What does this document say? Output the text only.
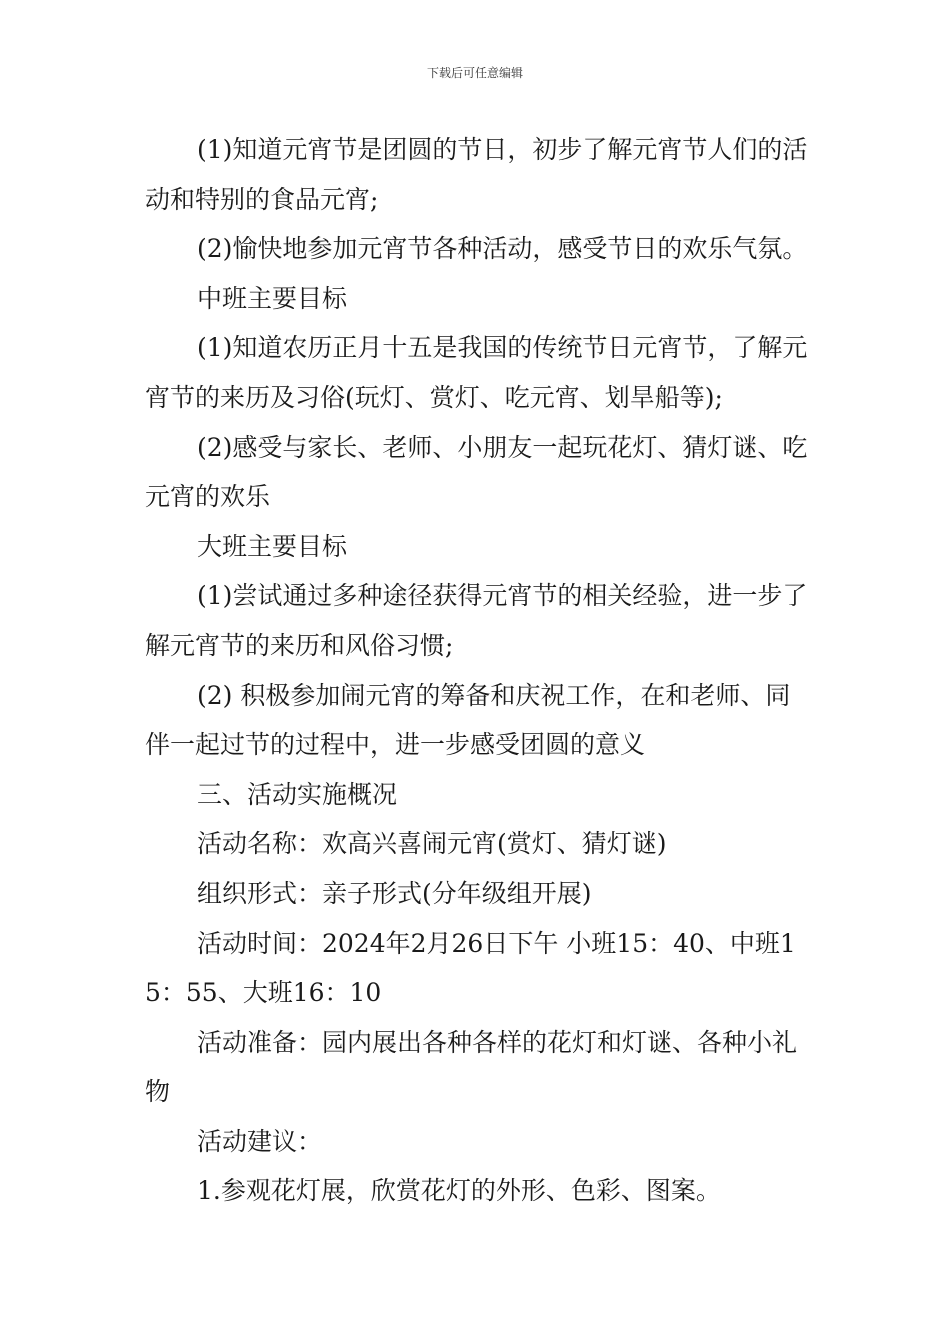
下载后可任意编辑

(1)知道元宵节是团圆的节日，初步了解元宵节人们的活动和特别的食品元宵;

(2)愉快地参加元宵节各种活动，感受节日的欢乐气氛。

中班主要目标

(1)知道农历正月十五是我国的传统节日元宵节，了解元宵节的来历及习俗(玩灯、赏灯、吃元宵、划旱船等);

(2)感受与家长、老师、小朋友一起玩花灯、猜灯谜、吃元宵的欢乐

大班主要目标

(1)尝试通过多种途径获得元宵节的相关经验，进一步了解元宵节的来历和风俗习惯;

(2) 积极参加闹元宵的筹备和庆祝工作，在和老师、同伴一起过节的过程中，进一步感受团圆的意义

三、活动实施概况

活动名称：欢高兴喜闹元宵(赏灯、猜灯谜)

组织形式：亲子形式(分年级组开展)

活动时间：2024年2月26日下午 小班15：40、中班15：55、大班16：10

活动准备：园内展出各种各样的花灯和灯谜、各种小礼物

活动建议：

1.参观花灯展，欣赏花灯的外形、色彩、图案。
